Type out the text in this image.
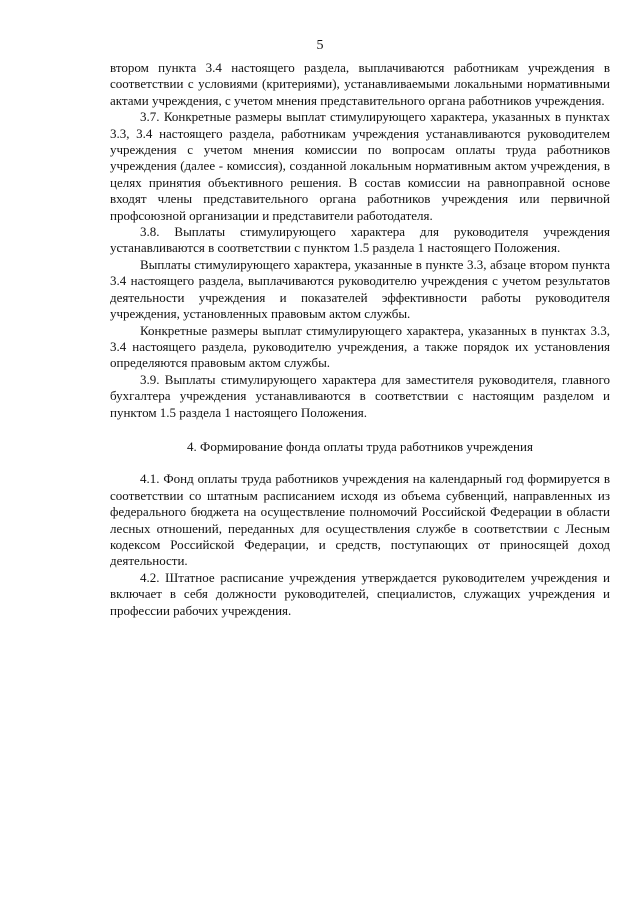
5

втором пункта 3.4 настоящего раздела, выплачиваются работникам учреждения в соответствии с условиями (критериями), устанавливаемыми локальными нормативными актами учреждения, с учетом мнения представительного органа работников учреждения.

3.7. Конкретные размеры выплат стимулирующего характера, указанных в пунктах 3.3, 3.4 настоящего раздела, работникам учреждения устанавливаются руководителем учреждения с учетом мнения комиссии по вопросам оплаты труда работников учреждения (далее - комиссия), созданной локальным нормативным актом учреждения, в целях принятия объективного решения. В состав комиссии на равноправной основе входят члены представительного органа работников учреждения или первичной профсоюзной организации и представители работодателя.

3.8. Выплаты стимулирующего характера для руководителя учреждения устанавливаются в соответствии с пунктом 1.5 раздела 1 настоящего Положения.

Выплаты стимулирующего характера, указанные в пункте 3.3, абзаце втором пункта 3.4 настоящего раздела, выплачиваются руководителю учреждения с учетом результатов деятельности учреждения и показателей эффективности работы руководителя учреждения, установленных правовым актом службы.

Конкретные размеры выплат стимулирующего характера, указанных в пунктах 3.3, 3.4 настоящего раздела, руководителю учреждения, а также порядок их установления определяются правовым актом службы.

3.9. Выплаты стимулирующего характера для заместителя руководителя, главного бухгалтера учреждения устанавливаются в соответствии с настоящим разделом и пунктом 1.5 раздела 1 настоящего Положения.

4. Формирование фонда оплаты труда работников учреждения

4.1. Фонд оплаты труда работников учреждения на календарный год формируется в соответствии со штатным расписанием исходя из объема субвенций, направленных из федерального бюджета на осуществление полномочий Российской Федерации в области лесных отношений, переданных для осуществления службе в соответствии с Лесным кодексом Российской Федерации, и средств, поступающих от приносящей доход деятельности.

4.2. Штатное расписание учреждения утверждается руководителем учреждения и включает в себя должности руководителей, специалистов, служащих учреждения и профессии рабочих учреждения.
